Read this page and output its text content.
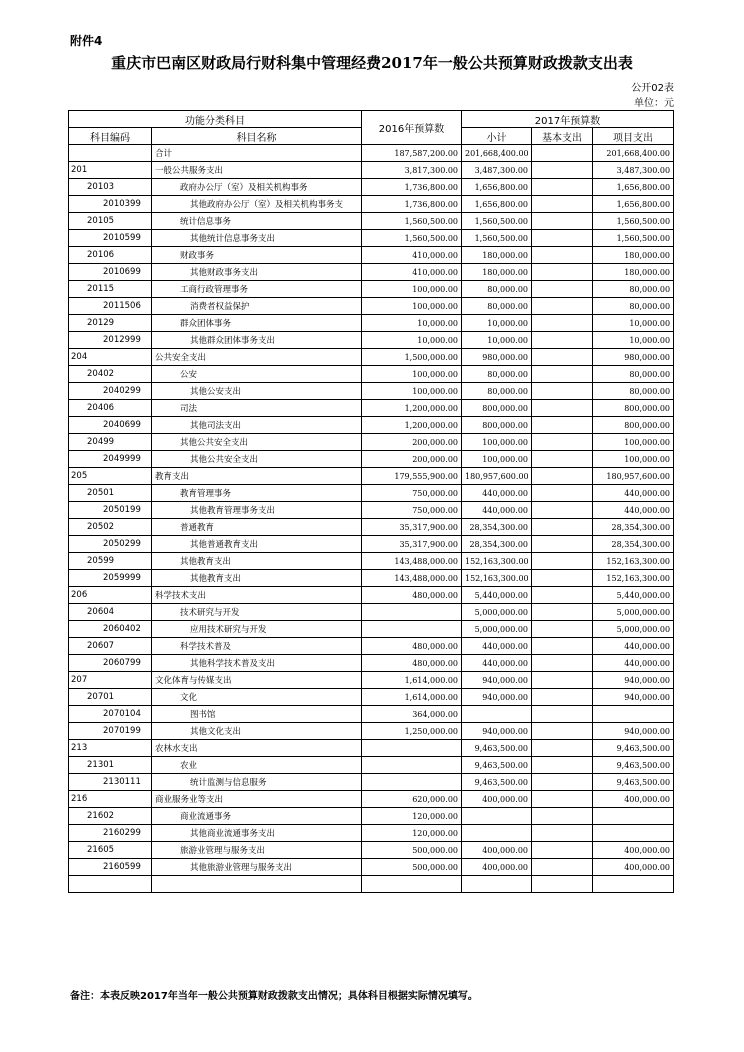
附件4
重庆市巴南区财政局行财科集中管理经费2017年一般公共预算财政拨款支出表
公开02表
单位：元
功能分类科目		2016年预算数	2017年预算数		
科目编码	科目名称		小计	基本支出	项目支出
	合计	187,587,200.00	201,668,400.00		201,668,400.00
201	一般公共服务支出	3,817,300.00	3,487,300.00		3,487,300.00
20103	政府办公厅（室）及相关机构事务	1,736,800.00	1,656,800.00		1,656,800.00
2010399	其他政府办公厅（室）及相关机构事务支	1,736,800.00	1,656,800.00		1,656,800.00
20105	统计信息事务	1,560,500.00	1,560,500.00		1,560,500.00
2010599	其他统计信息事务支出	1,560,500.00	1,560,500.00		1,560,500.00
20106	财政事务	410,000.00	180,000.00		180,000.00
2010699	其他财政事务支出	410,000.00	180,000.00		180,000.00
20115	工商行政管理事务	100,000.00	80,000.00		80,000.00
2011506	消费者权益保护	100,000.00	80,000.00		80,000.00
20129	群众团体事务	10,000.00	10,000.00		10,000.00
2012999	其他群众团体事务支出	10,000.00	10,000.00		10,000.00
204	公共安全支出	1,500,000.00	980,000.00		980,000.00
20402	公安	100,000.00	80,000.00		80,000.00
2040299	其他公安支出	100,000.00	80,000.00		80,000.00
20406	司法	1,200,000.00	800,000.00		800,000.00
2040699	其他司法支出	1,200,000.00	800,000.00		800,000.00
20499	其他公共安全支出	200,000.00	100,000.00		100,000.00
2049999	其他公共安全支出	200,000.00	100,000.00		100,000.00
205	教育支出	179,555,900.00	180,957,600.00		180,957,600.00
20501	教育管理事务	750,000.00	440,000.00		440,000.00
2050199	其他教育管理事务支出	750,000.00	440,000.00		440,000.00
20502	普通教育	35,317,900.00	28,354,300.00		28,354,300.00
2050299	其他普通教育支出	35,317,900.00	28,354,300.00		28,354,300.00
20599	其他教育支出	143,488,000.00	152,163,300.00		152,163,300.00
2059999	其他教育支出	143,488,000.00	152,163,300.00		152,163,300.00
206	科学技术支出	480,000.00	5,440,000.00		5,440,000.00
20604	技术研究与开发		5,000,000.00		5,000,000.00
2060402	应用技术研究与开发		5,000,000.00		5,000,000.00
20607	科学技术普及	480,000.00	440,000.00		440,000.00
2060799	其他科学技术普及支出	480,000.00	440,000.00		440,000.00
207	文化体育与传媒支出	1,614,000.00	940,000.00		940,000.00
20701	文化	1,614,000.00	940,000.00		940,000.00
2070104	图书馆	364,000.00			
2070199	其他文化支出	1,250,000.00	940,000.00		940,000.00
213	农林水支出		9,463,500.00		9,463,500.00
21301	农业		9,463,500.00		9,463,500.00
2130111	统计监测与信息服务		9,463,500.00		9,463,500.00
216	商业服务业等支出	620,000.00	400,000.00		400,000.00
21602	商业流通事务	120,000.00			
2160299	其他商业流通事务支出	120,000.00			
21605	旅游业管理与服务支出	500,000.00	400,000.00		400,000.00
2160599	其他旅游业管理与服务支出	500,000.00	400,000.00		400,000.00

备注：本表反映2017年当年一般公共预算财政拨款支出情况；具体科目根据实际情况填写。
